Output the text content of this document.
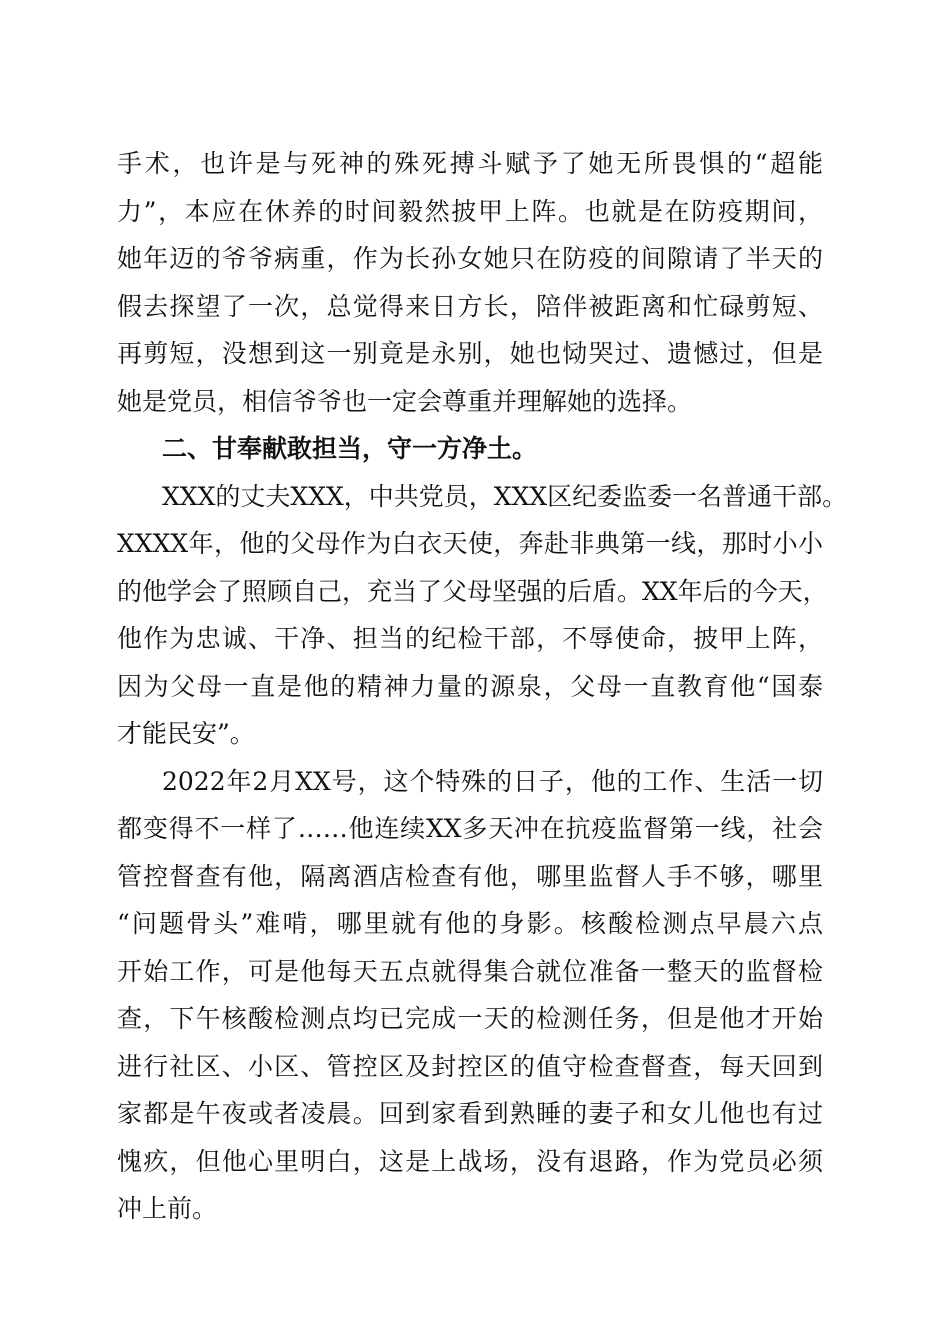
手术，也许是与死神的殊死搏斗赋予了她无所畏惧的“超能
力”，本应在休养的时间毅然披甲上阵。也就是在防疫期间，
她年迈的爷爷病重，作为长孙女她只在防疫的间隙请了半天的
假去探望了一次，总觉得来日方长，陪伴被距离和忙碌剪短、
再剪短，没想到这一别竟是永别，她也恸哭过、遗憾过，但是
她是党员，相信爷爷也一定会尊重并理解她的选择。
二、甘奉献敢担当，守一方净土。
XXX的丈夫XXX，中共党员，XXX区纪委监委一名普通干部。
XXXX年，他的父母作为白衣天使，奔赴非典第一线，那时小小
的他学会了照顾自己，充当了父母坚强的后盾。XX年后的今天，
他作为忠诚、干净、担当的纪检干部，不辱使命，披甲上阵，
因为父母一直是他的精神力量的源泉，父母一直教育他“国泰
才能民安”。
2022年2月XX号，这个特殊的日子，他的工作、生活一切
都变得不一样了……他连续XX多天冲在抗疫监督第一线，社会
管控督查有他，隔离酒店检查有他，哪里监督人手不够，哪里
“问题骨头”难啃，哪里就有他的身影。核酸检测点早晨六点
开始工作，可是他每天五点就得集合就位准备一整天的监督检
查，下午核酸检测点均已完成一天的检测任务，但是他才开始
进行社区、小区、管控区及封控区的值守检查督查，每天回到
家都是午夜或者凌晨。回到家看到熟睡的妻子和女儿他也有过
愧疚，但他心里明白，这是上战场，没有退路，作为党员必须
冲上前。
